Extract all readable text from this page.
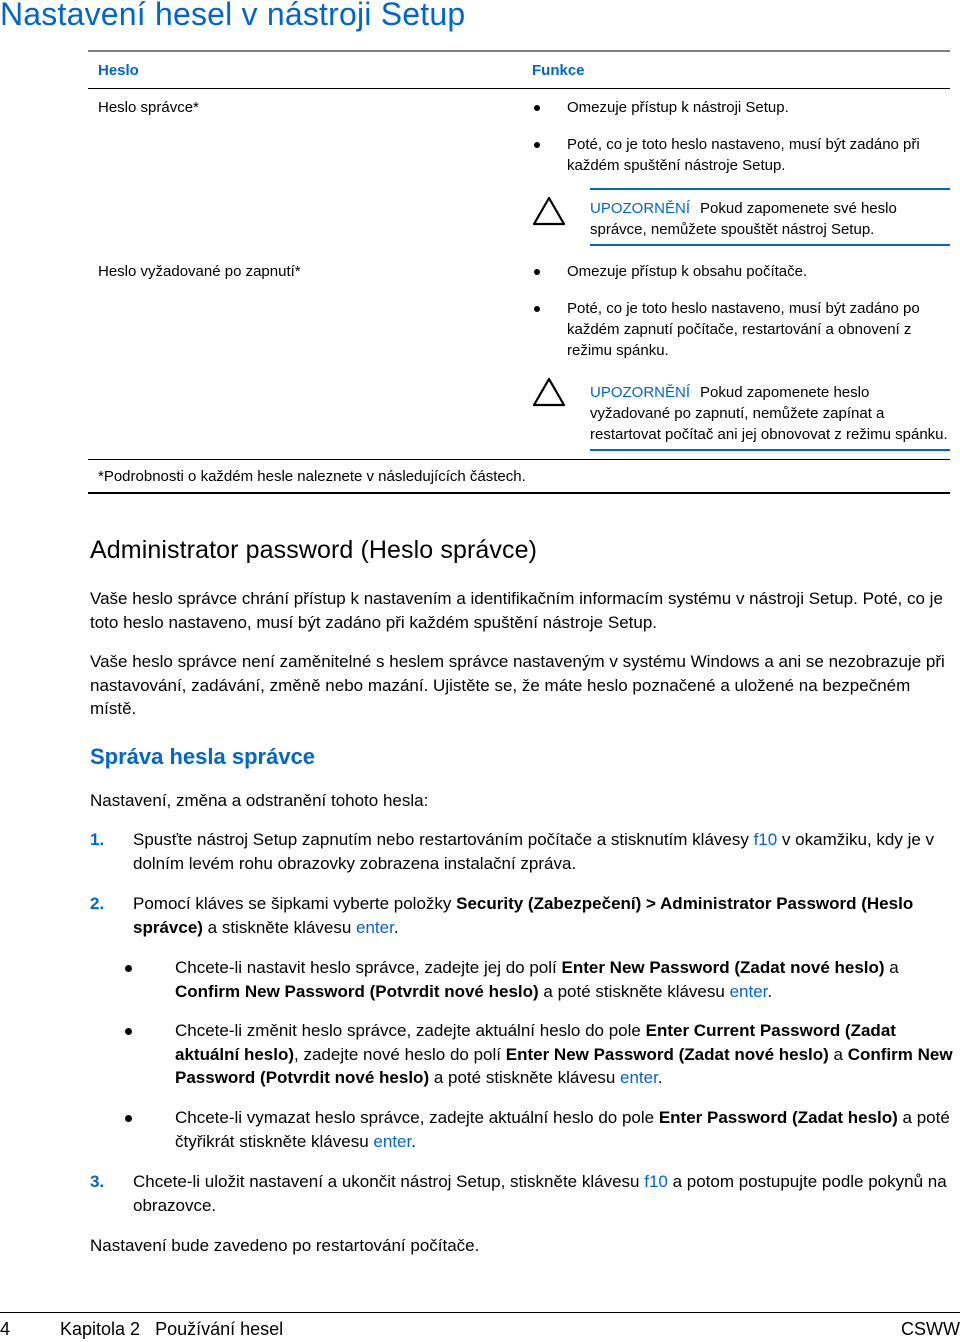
Nastavení hesel v nástroji Setup
Heslo	Funkce
Heslo správce*	Omezuje přístup k nástroji Setup.
Poté, co je toto heslo nastaveno, musí být zadáno při každém spuštění nástroje Setup.
UPOZORNĚNÍ Pokud zapomenete své heslo správce, nemůžete spouštět nástroj Setup.
Heslo vyžadované po zapnutí*	Omezuje přístup k obsahu počítače.
Poté, co je toto heslo nastaveno, musí být zadáno po každém zapnutí počítače, restartování a obnovení z režimu spánku.
UPOZORNĚNÍ Pokud zapomenete heslo vyžadované po zapnutí, nemůžete zapínat a restartovat počítač ani jej obnovovat z režimu spánku.
*Podrobnosti o každém hesle naleznete v následujících částech.
Administrator password (Heslo správce)

Vaše heslo správce chrání přístup k nastavením a identifikačním informacím systému v nástroji Setup. Poté, co je toto heslo nastaveno, musí být zadáno při každém spuštění nástroje Setup.

Vaše heslo správce není zaměnitelné s heslem správce nastaveným v systému Windows a ani se nezobrazuje při nastavování, zadávání, změně nebo mazání. Ujistěte se, že máte heslo poznačené a uložené na bezpečném místě.

Správa hesla správce

Nastavení, změna a odstranění tohoto hesla:

1. Spusťte nástroj Setup zapnutím nebo restartováním počítače a stisknutím klávesy f10 v okamžiku, kdy je v dolním levém rohu obrazovky zobrazena instalační zpráva.
2. Pomocí kláves se šipkami vyberte položky Security (Zabezpečení) > Administrator Password (Heslo správce) a stiskněte klávesu enter.
Chcete-li nastavit heslo správce, zadejte jej do polí Enter New Password (Zadat nové heslo) a Confirm New Password (Potvrdit nové heslo) a poté stiskněte klávesu enter.
Chcete-li změnit heslo správce, zadejte aktuální heslo do pole Enter Current Password (Zadat aktuální heslo), zadejte nové heslo do polí Enter New Password (Zadat nové heslo) a Confirm New Password (Potvrdit nové heslo) a poté stiskněte klávesu enter.
Chcete-li vymazat heslo správce, zadejte aktuální heslo do pole Enter Password (Zadat heslo) a poté čtyřikrát stiskněte klávesu enter.
3. Chcete-li uložit nastavení a ukončit nástroj Setup, stiskněte klávesu f10 a potom postupujte podle pokynů na obrazovce.

Nastavení bude zavedeno po restartování počítače.

4	Kapitola 2   Používání hesel	CSWW
